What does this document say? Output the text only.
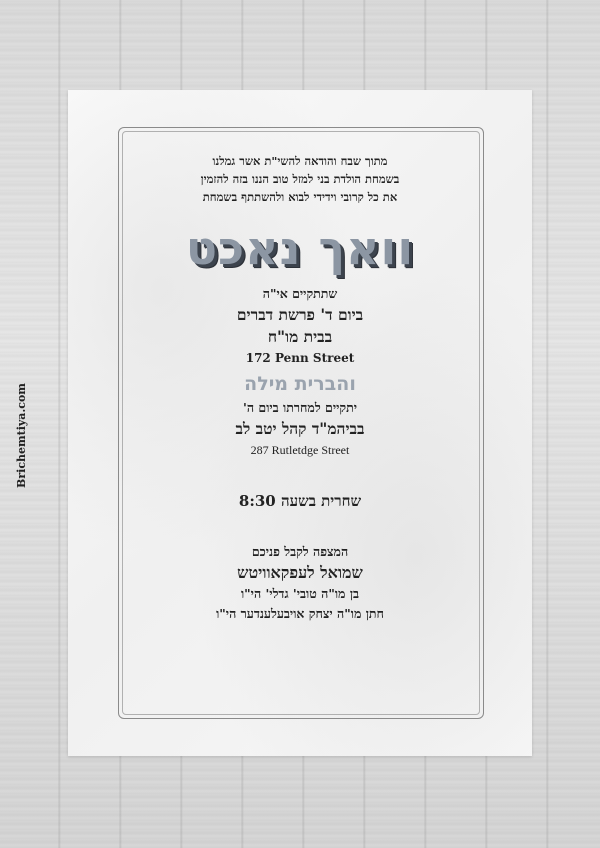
Brichemtiya.com
מתוך שבח והודאה להשי"ת אשר גמלנו
בשמחת הולדת בני למזל טוב הננו בזה להזמין
את כל קרובי וידידי לבוא ולהשתתף בשמחת
וואך נאכט
שתתקיים אי"ה
ביום ד' פרשת דברים
בבית מו"ח
172 Penn Street
והברית מילה
יתקיים למחרתו ביום ה'
בביהמ"ד קהל יטב לב
287 Rutletdge Street
שחרית בשעה 8:30
המצפה לקבל פניכם
שמואל לעפקאוויטש
בן מו"ה טובי' גדלי' הי"ו
חתן מו"ה יצחק אויבעלענדער הי"ו
